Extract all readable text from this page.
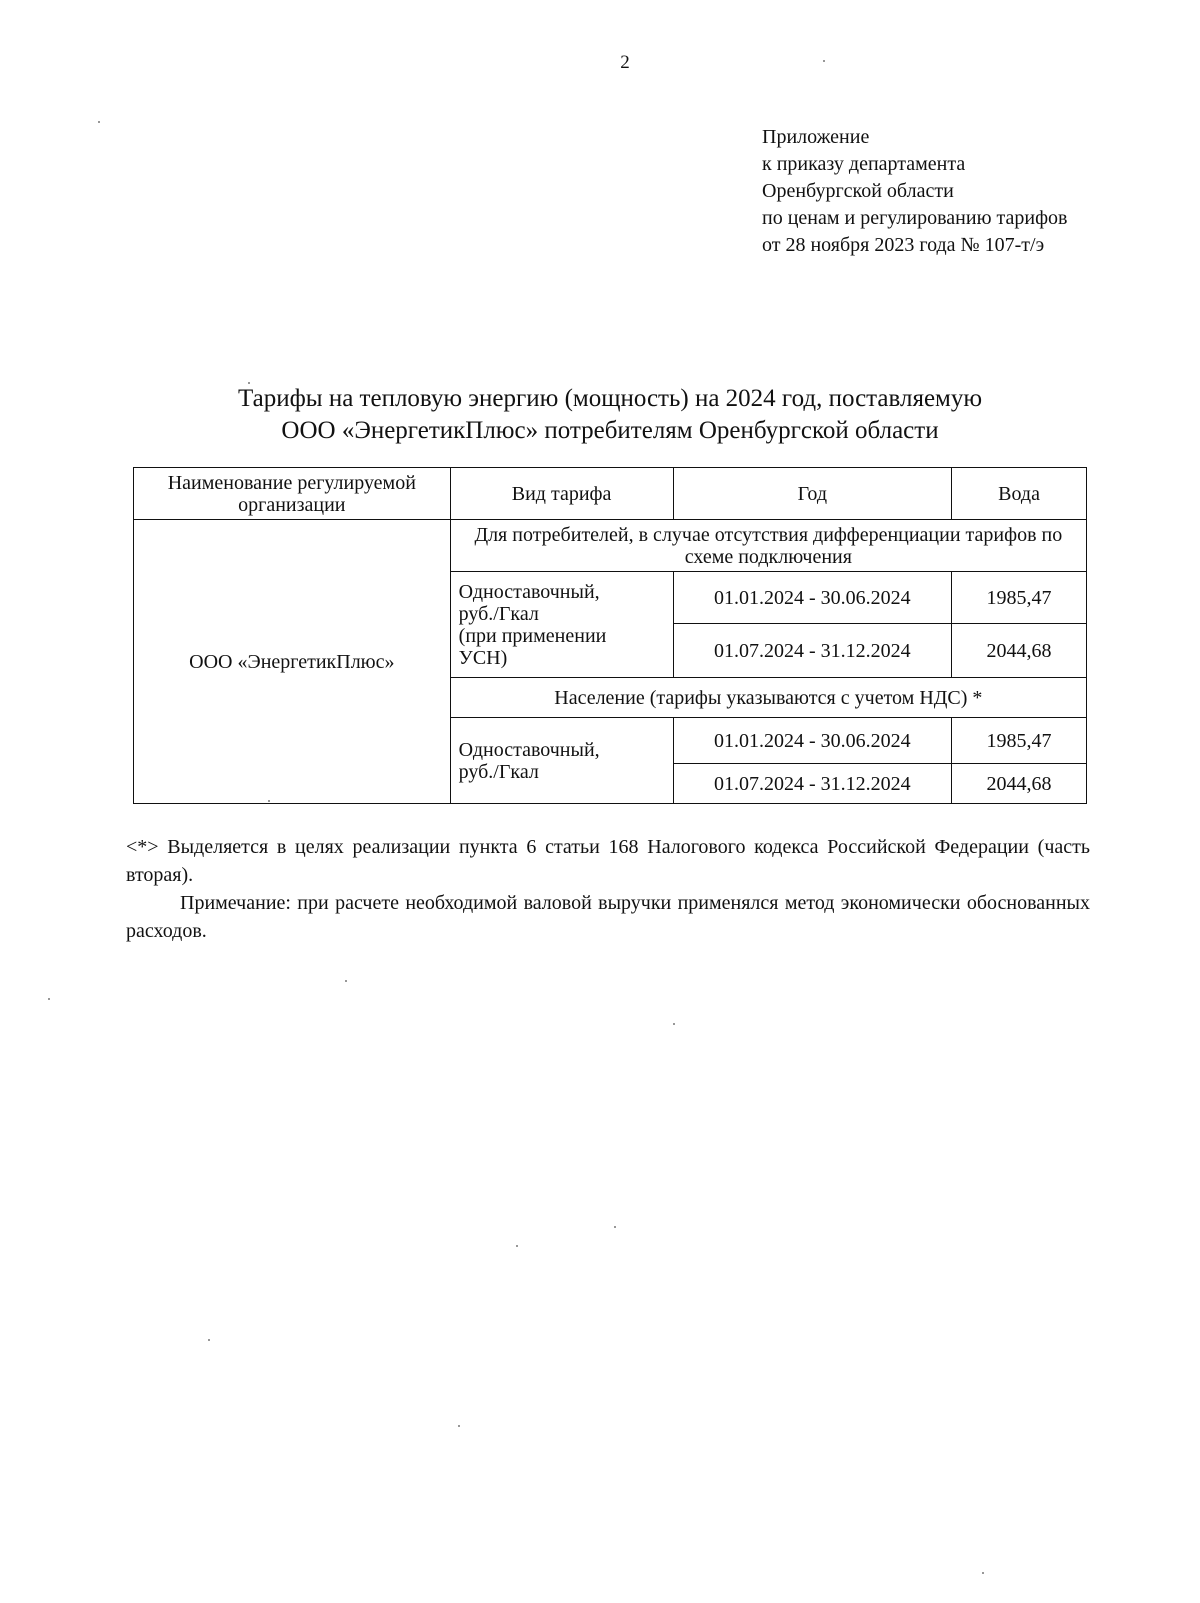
2
Приложение
к приказу департамента
Оренбургской области
по ценам и регулированию тарифов
от 28 ноября 2023 года № 107-т/э
Тарифы на тепловую энергию (мощность) на 2024 год, поставляемую
ООО «ЭнергетикПлюс» потребителям Оренбургской области
Наименование регулируемой организации	Вид тарифа	Год	Вода
ООО «ЭнергетикПлюс»	Для потребителей, в случае отсутствия дифференциации тарифов по схеме подключения		

	Одноставочный,
руб./Гкал
(при применении
УСН)	01.01.2024 - 30.06.2024	1985,47
		01.07.2024 - 31.12.2024	2044,68
	Население (тарифы указываются с учетом НДС) *		

	Одноставочный,
руб./Гкал	01.01.2024 - 30.06.2024	1985,47
		01.07.2024 - 31.12.2024	2044,68

<*> Выделяется в целях реализации пункта 6 статьи 168 Налогового кодекса Российской Федерации (часть вторая).

Примечание: при расчете необходимой валовой выручки применялся метод экономически обоснованных расходов.
